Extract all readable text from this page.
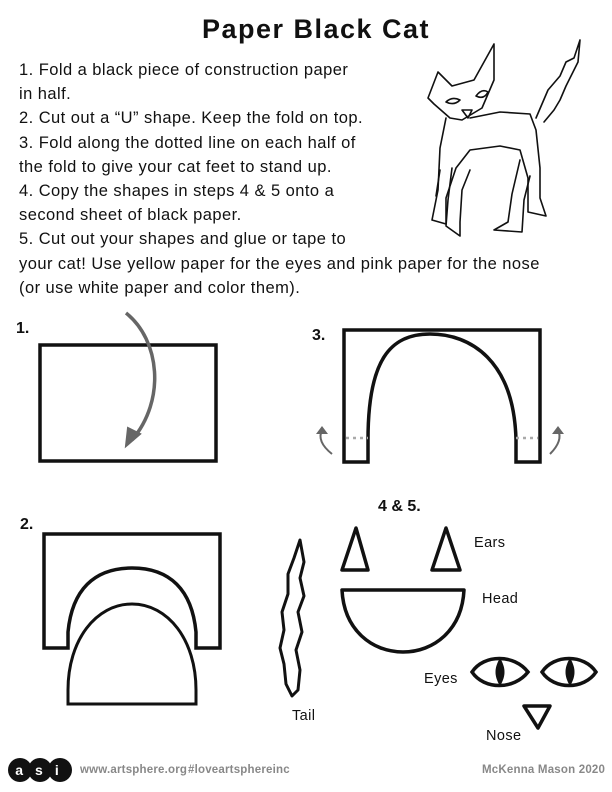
Paper Black Cat

1. Fold a black piece of construction paper

in half.

2. Cut out a “U” shape. Keep the fold on top.

3. Fold along the dotted line on each half of

the fold to give your cat feet to stand up.

4. Copy the shapes in steps 4 & 5 onto a

second sheet of black paper.

5. Cut out your shapes and glue or tape to

your cat! Use yellow paper for the eyes and pink paper for the nose

(or use white paper and color them).

1.	3.
2.
4 & 5.
Ears
Head
Eyes
Nose
Tail
asi www.artsphere.org #loveartsphereinc	McKenna Mason 2020
